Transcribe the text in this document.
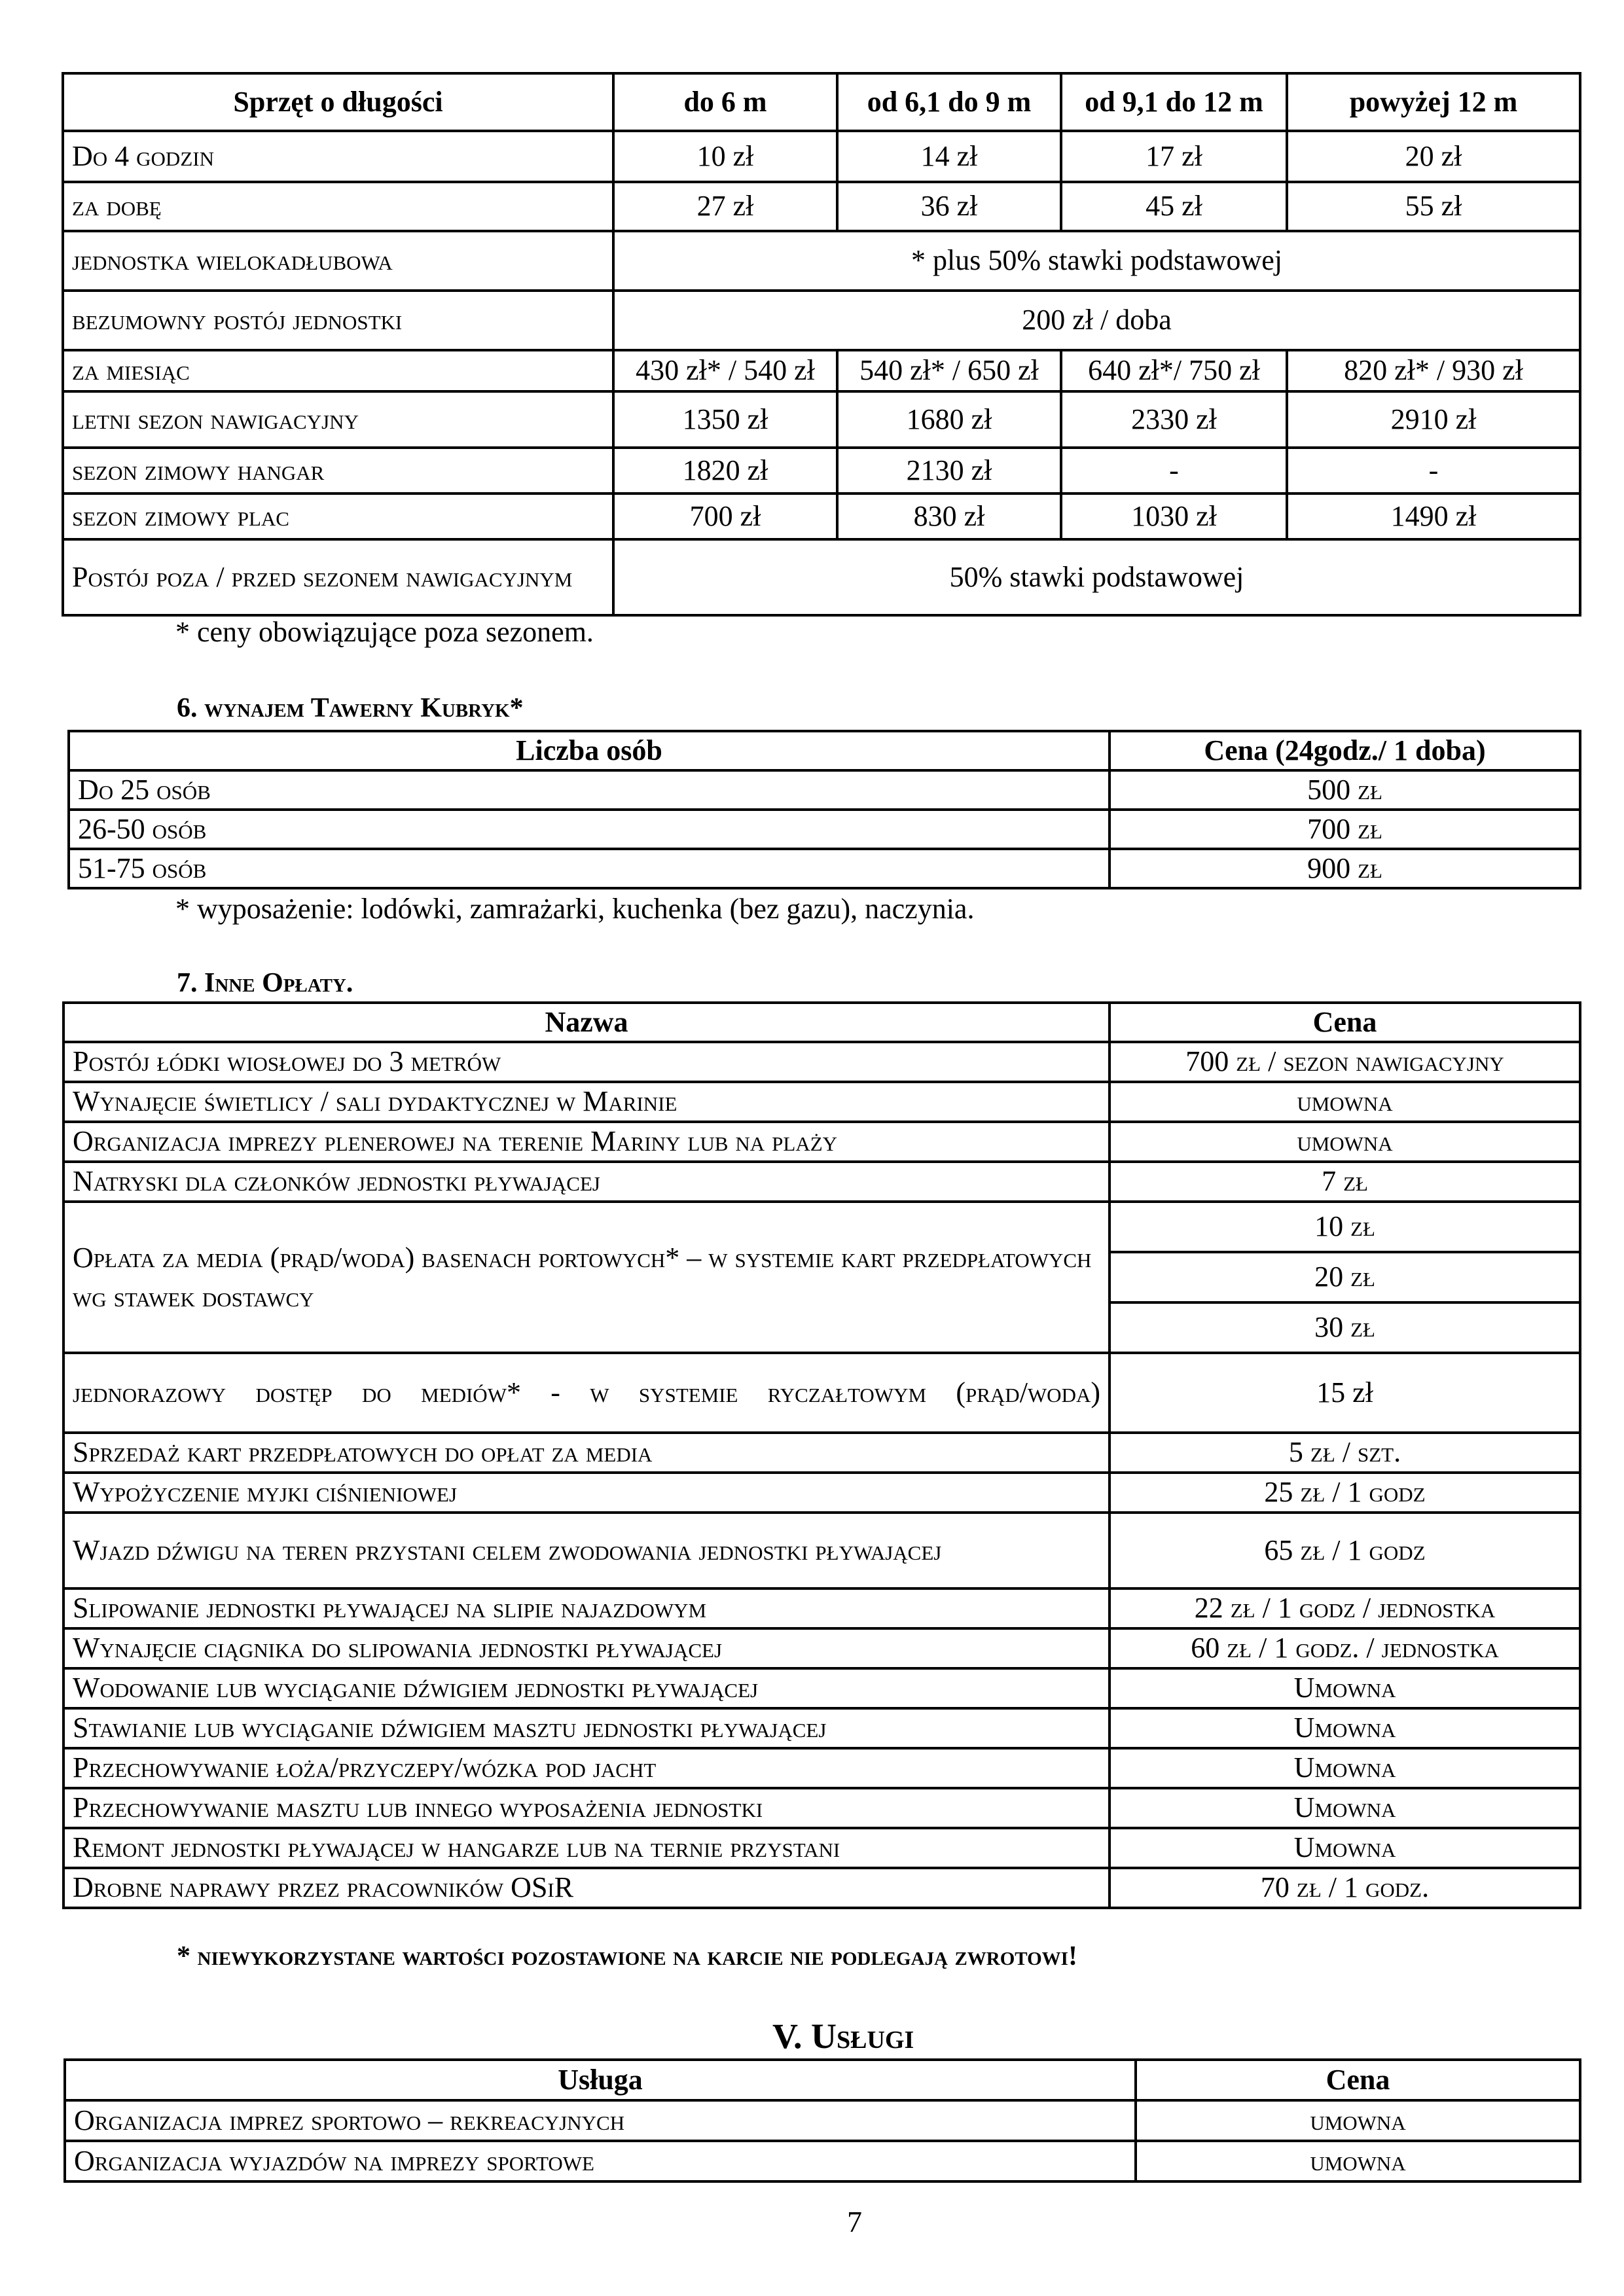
Sprzęt o długości	do 6 m	od 6,1 do 9 m	od 9,1 do 12 m	powyżej 12 m
Do 4 godzin	10 zł	14 zł	17 zł	20 zł
za dobę	27 zł	36 zł	45 zł	55 zł
jednostka wielokadłubowa	* plus 50% stawki podstawowej			
bezumowny postój jednostki	200 zł / doba			
za miesiąc	430 zł* / 540 zł	540 zł* / 650 zł	640 zł*/ 750 zł	820 zł* / 930 zł
letni sezon nawigacyjny	1350 zł	1680 zł	2330 zł	2910 zł
sezon zimowy hangar	1820 zł	2130 zł	-	-
sezon zimowy plac	700 zł	830 zł	1030 zł	1490 zł
Postój poza / przed sezonem nawigacyjnym	50% stawki podstawowej			
* ceny obowiązujące poza sezonem.
6. wynajem Tawerny Kubryk*
Liczba osób	Cena (24godz./ 1 doba)
Do 25 osób	500 zł
26-50 osób	700 zł
51-75 osób	900 zł
* wyposażenie: lodówki, zamrażarki, kuchenka (bez gazu), naczynia.
7. Inne Opłaty.
Nazwa	Cena
Postój łódki wiosłowej do 3 metrów	700 zł / sezon nawigacyjny
Wynajęcie świetlicy / sali dydaktycznej w Marinie	umowna
Organizacja imprezy plenerowej na terenie Mariny lub na plaży	umowna
Natryski dla członków jednostki pływającej	7 zł
Opłata za media (prąd/woda) basenach portowych* – w systemie kart przedpłatowych wg stawek dostawcy	10 zł
	20 zł
	30 zł
jednorazowy dostęp do mediów* - w systemie ryczałtowym (prąd/woda)	15 zł
Sprzedaż kart przedpłatowych do opłat za media	5 zł / szt.
Wypożyczenie myjki ciśnieniowej	25 zł / 1 godz
Wjazd dźwigu na teren przystani celem zwodowania jednostki pływającej	65 zł / 1 godz
Slipowanie jednostki pływającej na slipie najazdowym	22 zł / 1 godz / jednostka
Wynajęcie ciągnika do slipowania jednostki pływającej	60 zł / 1 godz. / jednostka
Wodowanie lub wyciąganie dźwigiem jednostki pływającej	Umowna
Stawianie lub wyciąganie dźwigiem masztu jednostki pływającej	Umowna
Przechowywanie łoża/przyczepy/wózka pod jacht	Umowna
Przechowywanie masztu lub innego wyposażenia jednostki	Umowna
Remont jednostki pływającej w hangarze lub na ternie przystani	Umowna
Drobne naprawy przez pracowników OSiR	70 zł / 1 godz.
* niewykorzystane wartości pozostawione na karcie nie podlegają zwrotowi!
V. Usługi
Usługa	Cena
Organizacja imprez sportowo – rekreacyjnych	umowna
Organizacja wyjazdów na imprezy sportowe	umowna
7
